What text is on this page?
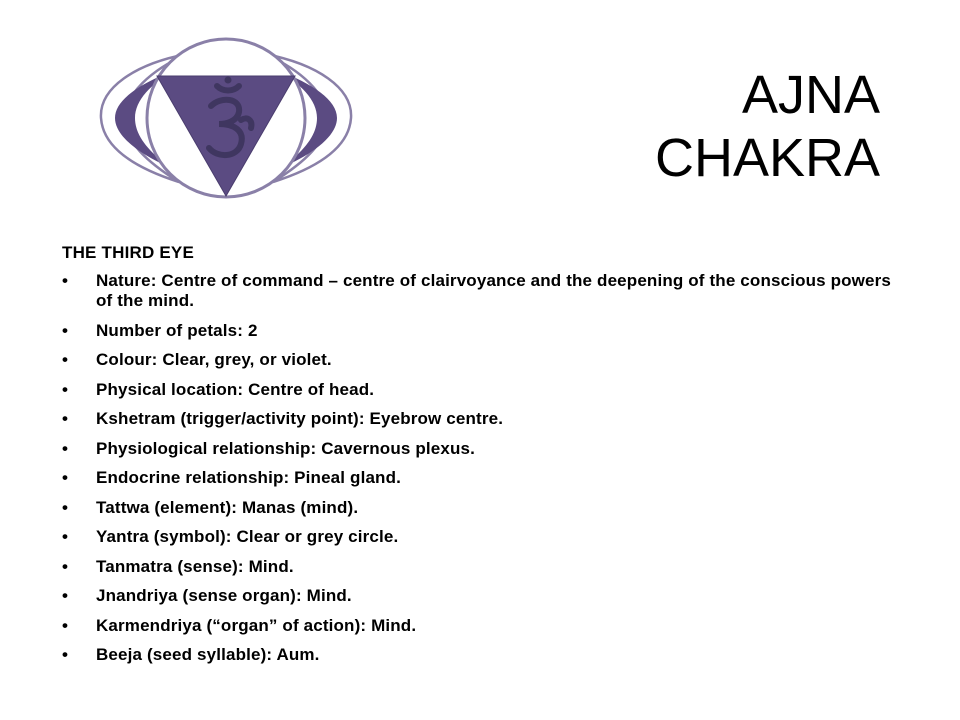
AJNA
CHAKRA

THE THIRD EYE

• Nature: Centre of command – centre of clairvoyance and the deepening of the conscious powers of the mind.
• Number of petals: 2
• Colour: Clear, grey, or violet.
• Physical location: Centre of head.
• Kshetram (trigger/activity point): Eyebrow centre.
• Physiological relationship: Cavernous plexus.
• Endocrine relationship: Pineal gland.
• Tattwa (element): Manas (mind).
• Yantra (symbol): Clear or grey circle.
• Tanmatra (sense): Mind.
• Jnandriya (sense organ): Mind.
• Karmendriya (“organ” of action): Mind.
• Beeja (seed syllable): Aum.
